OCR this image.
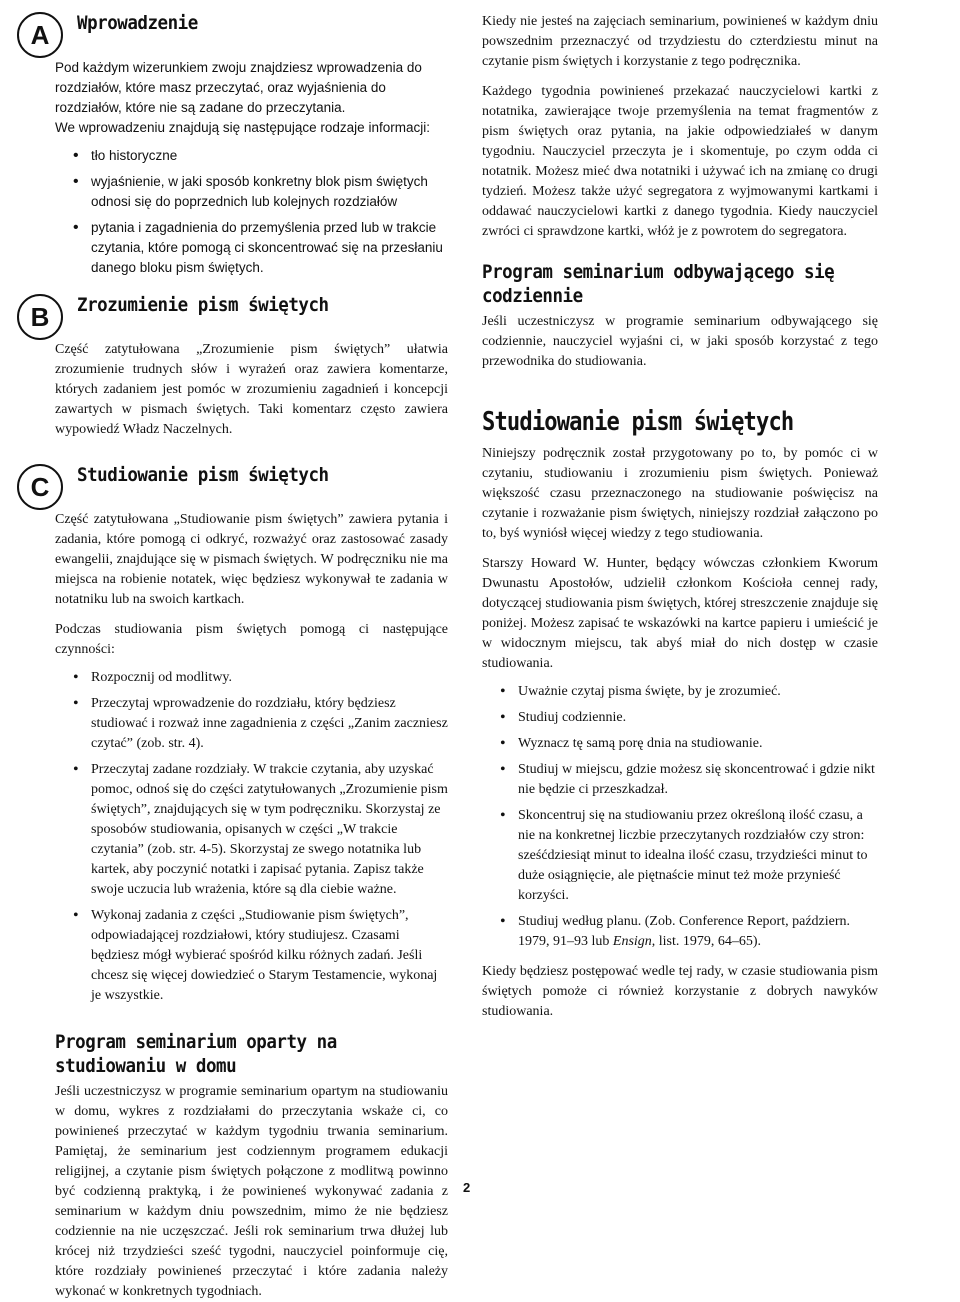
A	Wprowadzenie

Pod każdym wizerunkiem zwoju znajdziesz wprowadzenia do rozdziałów, które masz przeczytać, oraz wyjaśnienia do rozdziałów, które nie są zadane do przeczytania.

We wprowadzeniu znajdują się następujące rodzaje informacji:

• tło historyczne
• wyjaśnienie, w jaki sposób konkretny blok pism świętych odnosi się do poprzednich lub kolejnych rozdziałów
• pytania i zagadnienia do przemyślenia przed lub w trakcie czytania, które pomogą ci skoncentrować się na przesłaniu danego bloku pism świętych.
B	Zrozumienie pism świętych

Część zatytułowana „Zrozumienie pism świętych” ułatwia zrozumienie trudnych słów i wyrażeń oraz zawiera komentarze, których zadaniem jest pomóc w zrozumieniu zagadnień i koncepcji zawartych w pismach świętych. Taki komentarz często zawiera wypowiedź Władz Naczelnych.

C	Studiowanie pism świętych

Część zatytułowana „Studiowanie pism świętych” zawiera pytania i zadania, które pomogą ci odkryć, rozważyć oraz zastosować zasady ewangelii, znajdujące się w pismach świętych. W podręczniku nie ma miejsca na robienie notatek, więc będziesz wykonywał te zadania w notatniku lub na swoich kartkach.

Podczas studiowania pism świętych pomogą ci następujące czynności:

• Rozpocznij od modlitwy.
• Przeczytaj wprowadzenie do rozdziału, który będziesz studiować i rozważ inne zagadnienia z części „Zanim zaczniesz czytać” (zob. str. 4).
• Przeczytaj zadane rozdziały. W trakcie czytania, aby uzyskać pomoc, odnoś się do części zatytułowanych „Zrozumienie pism świętych”, znajdujących się w tym podręczniku. Skorzystaj ze sposobów studiowania, opisanych w części „W trakcie czytania” (zob. str. 4-5). Skorzystaj ze swego notatnika lub kartek, aby poczynić notatki i zapisać pytania. Zapisz także swoje uczucia lub wrażenia, które są dla ciebie ważne.
• Wykonaj zadania z części „Studiowanie pism świętych”, odpowiadającej rozdziałowi, który studiujesz. Czasami będziesz mógł wybierać spośród kilku różnych zadań. Jeśli chcesz się więcej dowiedzieć o Starym Testamencie, wykonaj je wszystkie.
Program seminarium oparty na studiowaniu w domu

Jeśli uczestniczysz w programie seminarium opartym na studiowaniu w domu, wykres z rozdziałami do przeczytania wskaże ci, co powinieneś przeczytać w każdym tygodniu trwania seminarium. Pamiętaj, że seminarium jest codziennym programem edukacji religijnej, a czytanie pism świętych połączone z modlitwą powinno być codzienną praktyką, i że powinieneś wykonywać zadania z seminarium w każdym dniu powszednim, mimo że nie będziesz codziennie na nie uczęszczać. Jeśli rok seminarium trwa dłużej lub krócej niż trzydzieści sześć tygodni, nauczyciel poinformuje cię, które rozdziały powinieneś przeczytać i które zadania należy wykonać w konkretnych tygodniach.

Kiedy nie jesteś na zajęciach seminarium, powinieneś w każdym dniu powszednim przeznaczyć od trzydziestu do czterdziestu minut na czytanie pism świętych i korzystanie z tego podręcznika.

Każdego tygodnia powinieneś przekazać nauczycielowi kartki z notatnika, zawierające twoje przemyślenia na temat fragmentów z pism świętych oraz pytania, na jakie odpowiedziałeś w danym tygodniu. Nauczyciel przeczyta je i skomentuje, po czym odda ci notatnik. Możesz mieć dwa notatniki i używać ich na zmianę co drugi tydzień. Możesz także użyć segregatora z wyjmowanymi kartkami i oddawać nauczycielowi kartki z danego tygodnia. Kiedy nauczyciel zwróci ci sprawdzone kartki, włóż je z powrotem do segregatora.

Program seminarium odbywającego się codziennie

Jeśli uczestniczysz w programie seminarium odbywającego się codziennie, nauczyciel wyjaśni ci, w jaki sposób korzystać z tego przewodnika do studiowania.

Studiowanie pism świętych

Niniejszy podręcznik został przygotowany po to, by pomóc ci w czytaniu, studiowaniu i zrozumieniu pism świętych. Ponieważ większość czasu przeznaczonego na studiowanie poświęcisz na czytanie i rozważanie pism świętych, niniejszy rozdział załączono po to, byś wyniósł więcej wiedzy z tego studiowania.

Starszy Howard W. Hunter, będący wówczas członkiem Kworum Dwunastu Apostołów, udzielił członkom Kościoła cennej rady, dotyczącej studiowania pism świętych, której streszczenie znajduje się poniżej. Możesz zapisać te wskazówki na kartce papieru i umieścić je w widocznym miejscu, tak abyś miał do nich dostęp w czasie studiowania.

• Uważnie czytaj pisma święte, by je zrozumieć.
• Studiuj codziennie.
• Wyznacz tę samą porę dnia na studiowanie.
• Studiuj w miejscu, gdzie możesz się skoncentrować i gdzie nikt nie będzie ci przeszkadzał.
• Skoncentruj się na studiowaniu przez określoną ilość czasu, a nie na konkretnej liczbie przeczytanych rozdziałów czy stron: sześćdziesiąt minut to idealna ilość czasu, trzydzieści minut to duże osiągnięcie, ale piętnaście minut też może przynieść korzyści.
• Studiuj według planu. (Zob. Conference Report, październ. 1979, 91–93 lub Ensign, list. 1979, 64–65).

Kiedy będziesz postępować wedle tej rady, w czasie studiowania pism świętych pomoże ci również korzystanie z dobrych nawyków studiowania.

2
